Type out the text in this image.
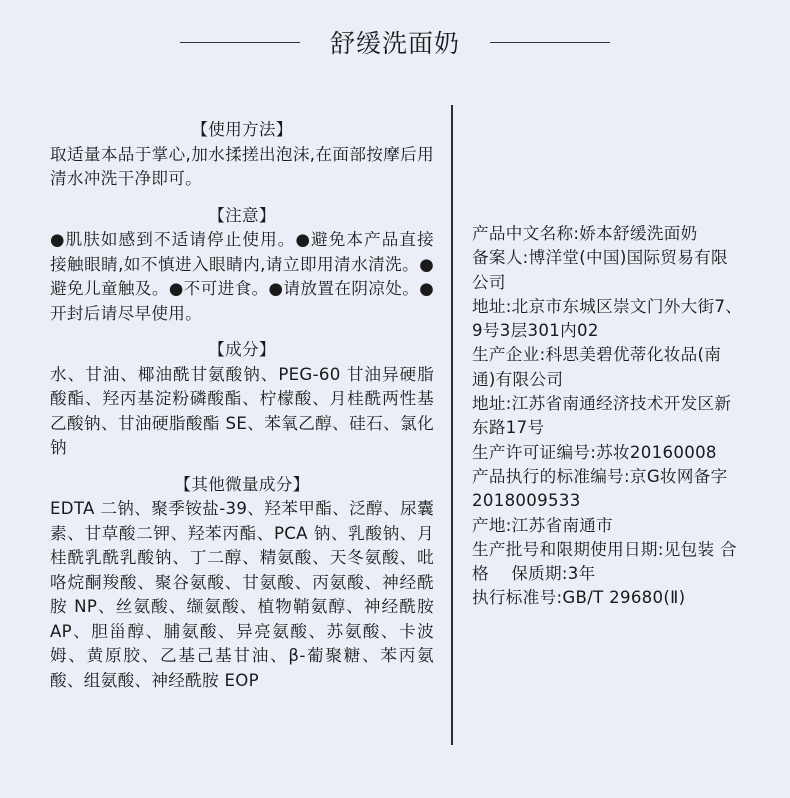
舒缓洗面奶

【使用方法】

取适量本品于掌心,加水揉搓出泡沫,在面部按摩后用清水冲洗干净即可。

【注意】

●肌肤如感到不适请停止使用。●避免本产品直接接触眼睛,如不慎进入眼睛内,请立即用清水清洗。●避免儿童触及。●不可进食。●请放置在阴凉处。●开封后请尽早使用。

【成分】

水、甘油、椰油酰甘氨酸钠、PEG-60 甘油异硬脂酸酯、羟丙基淀粉磷酸酯、柠檬酸、月桂酰两性基乙酸钠、甘油硬脂酸酯 SE、苯氧乙醇、硅石、氯化钠

【其他微量成分】

EDTA 二钠、聚季铵盐-39、羟苯甲酯、泛醇、尿囊素、甘草酸二钾、羟苯丙酯、PCA 钠、乳酸钠、月桂酰乳酰乳酸钠、丁二醇、精氨酸、天冬氨酸、吡咯烷酮羧酸、聚谷氨酸、甘氨酸、丙氨酸、神经酰胺 NP、丝氨酸、缬氨酸、植物鞘氨醇、神经酰胺 AP、胆甾醇、脯氨酸、异亮氨酸、苏氨酸、卡波姆、黄原胶、乙基己基甘油、β-葡聚糖、苯丙氨酸、组氨酸、神经酰胺 EOP

产品中文名称:娇本舒缓洗面奶

备案人:博洋堂(中国)国际贸易有限公司

地址:北京市东城区崇文门外大街7、9号3层301内02

生产企业:科思美碧优蒂化妆品(南通)有限公司

地址:江苏省南通经济技术开发区新东路17号

生产许可证编号:苏妆20160008

产品执行的标准编号:京G妆网备字2018009533

产地:江苏省南通市

生产批号和限期使用日期:见包装 合格    保质期:3年

执行标准号:GB/T 29680(Ⅱ)
